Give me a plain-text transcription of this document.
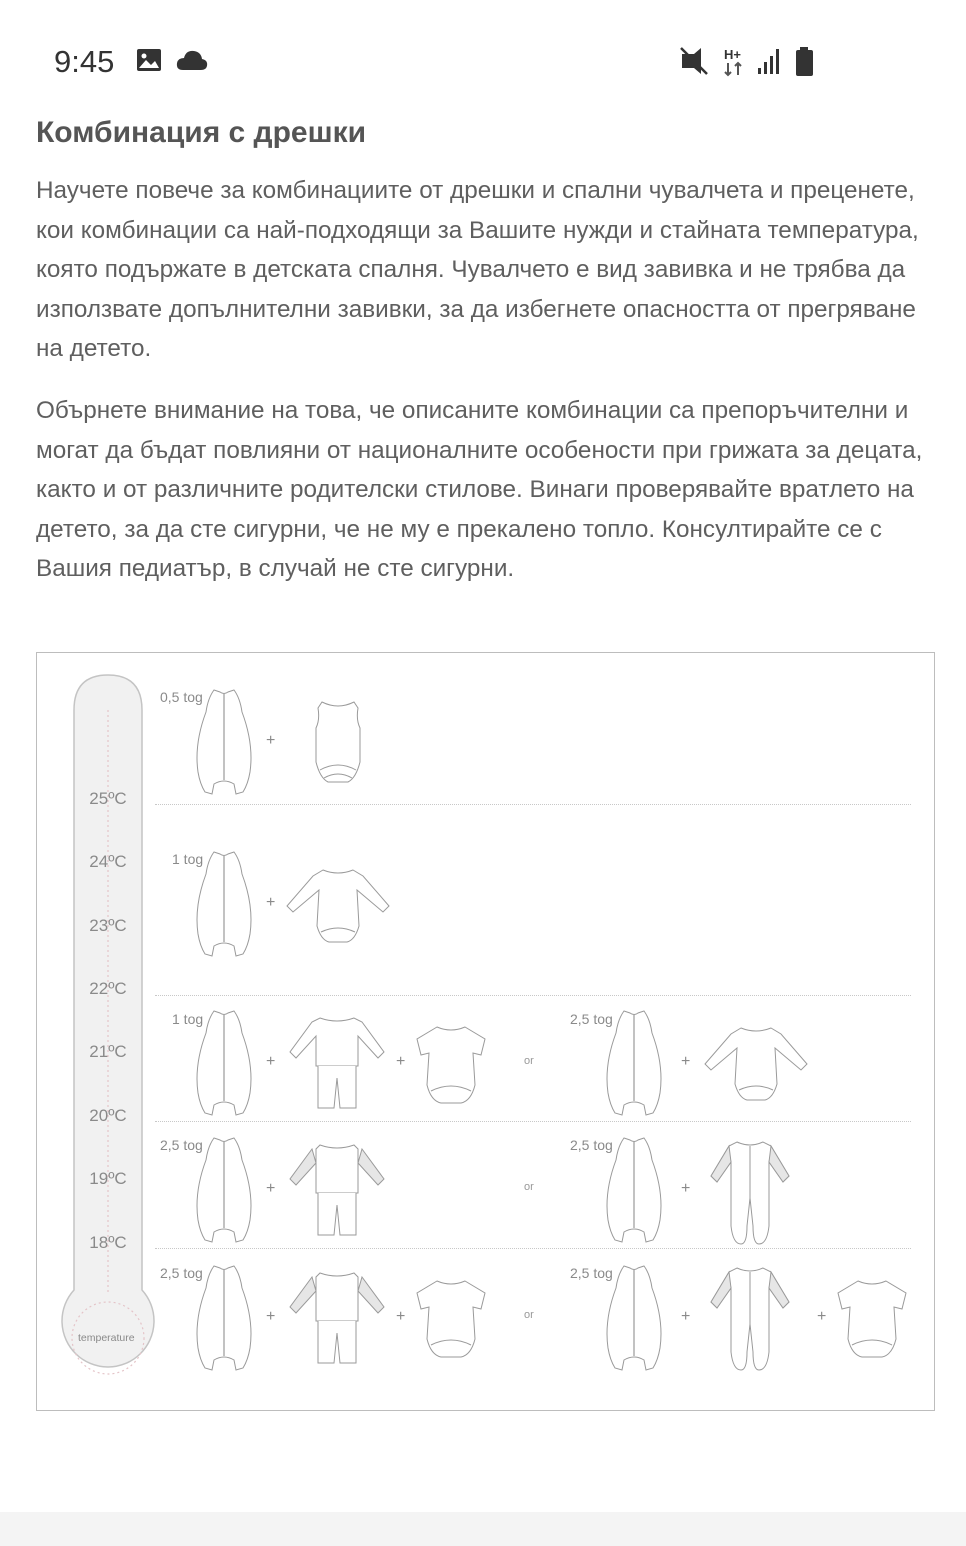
9:45	H+
Комбинация с дрешки

Научете повече за комбинациите от дрешки и спални чувалчета и преценете, кои комбинации са най-подходящи за Вашите нужди и стайната температура, която подържате в детската спалня. Чувалчето е вид завивка и не трябва да използвате допълнителни завивки, за да избегнете опасността от прегряване на детето.

Обърнете внимание на това, че описаните комбинации са препоръчителни и могат да бъдат повлияни от националните особености при грижата за децата, както и от различните родителски стилове. Винаги проверявайте вратлето на детето, за да сте сигурни, че не му е прекалено топло. Консултирайте се с Вашия педиатър, в случай не сте сигурни.

temperature
25ºC
24ºC
23ºC
22ºC
21ºC
20ºC
19ºC
18ºC
0,5 tog
+
1 tog
+
1 tog
+	+	or
2,5 tog
+
2,5 tog
+	or
2,5 tog
+
2,5 tog
+	+	or
2,5 tog
+	+
